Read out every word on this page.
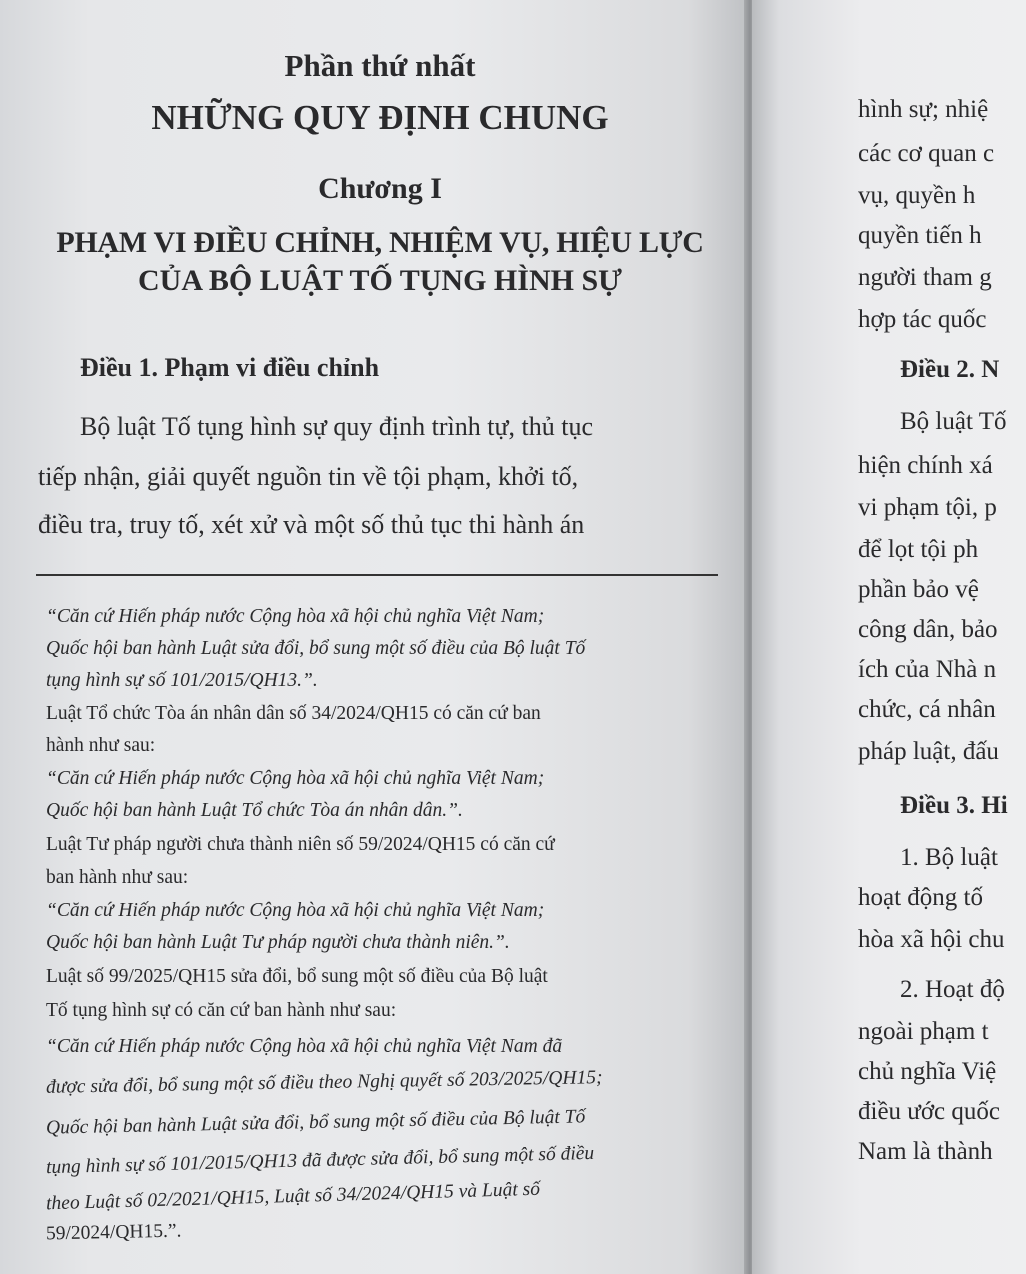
Phần thứ nhất
NHỮNG QUY ĐỊNH CHUNG
Chương I
PHẠM VI ĐIỀU CHỈNH, NHIỆM VỤ, HIỆU LỰC
CỦA BỘ LUẬT TỐ TỤNG HÌNH SỰ
Điều 1. Phạm vi điều chỉnh
Bộ luật Tố tụng hình sự quy định trình tự, thủ tục
tiếp nhận, giải quyết nguồn tin về tội phạm, khởi tố,
điều tra, truy tố, xét xử và một số thủ tục thi hành án
“Căn cứ Hiến pháp nước Cộng hòa xã hội chủ nghĩa Việt Nam;
Quốc hội ban hành Luật sửa đổi, bổ sung một số điều của Bộ luật Tố
tụng hình sự số 101/2015/QH13.”.
Luật Tổ chức Tòa án nhân dân số 34/2024/QH15 có căn cứ ban
hành như sau:
“Căn cứ Hiến pháp nước Cộng hòa xã hội chủ nghĩa Việt Nam;
Quốc hội ban hành Luật Tổ chức Tòa án nhân dân.”.
Luật Tư pháp người chưa thành niên số 59/2024/QH15 có căn cứ
ban hành như sau:
“Căn cứ Hiến pháp nước Cộng hòa xã hội chủ nghĩa Việt Nam;
Quốc hội ban hành Luật Tư pháp người chưa thành niên.”.
Luật số 99/2025/QH15 sửa đổi, bổ sung một số điều của Bộ luật
Tố tụng hình sự có căn cứ ban hành như sau:
“Căn cứ Hiến pháp nước Cộng hòa xã hội chủ nghĩa Việt Nam đã
được sửa đổi, bổ sung một số điều theo Nghị quyết số 203/2025/QH15;
Quốc hội ban hành Luật sửa đổi, bổ sung một số điều của Bộ luật Tố
tụng hình sự số 101/2015/QH13 đã được sửa đổi, bổ sung một số điều
theo Luật số 02/2021/QH15, Luật số 34/2024/QH15 và Luật số
59/2024/QH15.”.
hình sự; nhiệ
các cơ quan c
vụ, quyền h
quyền tiến h
người tham g
hợp tác quốc
Điều 2. N
Bộ luật Tố
hiện chính xá
vi phạm tội, p
để lọt tội ph
phần bảo vệ
công dân, bảo
ích của Nhà n
chức, cá nhân
pháp luật, đấu
Điều 3. Hi
1. Bộ luật
hoạt động tố
hòa xã hội chu
2. Hoạt độ
ngoài phạm t
chủ nghĩa Việ
điều ước quốc
Nam là thành
